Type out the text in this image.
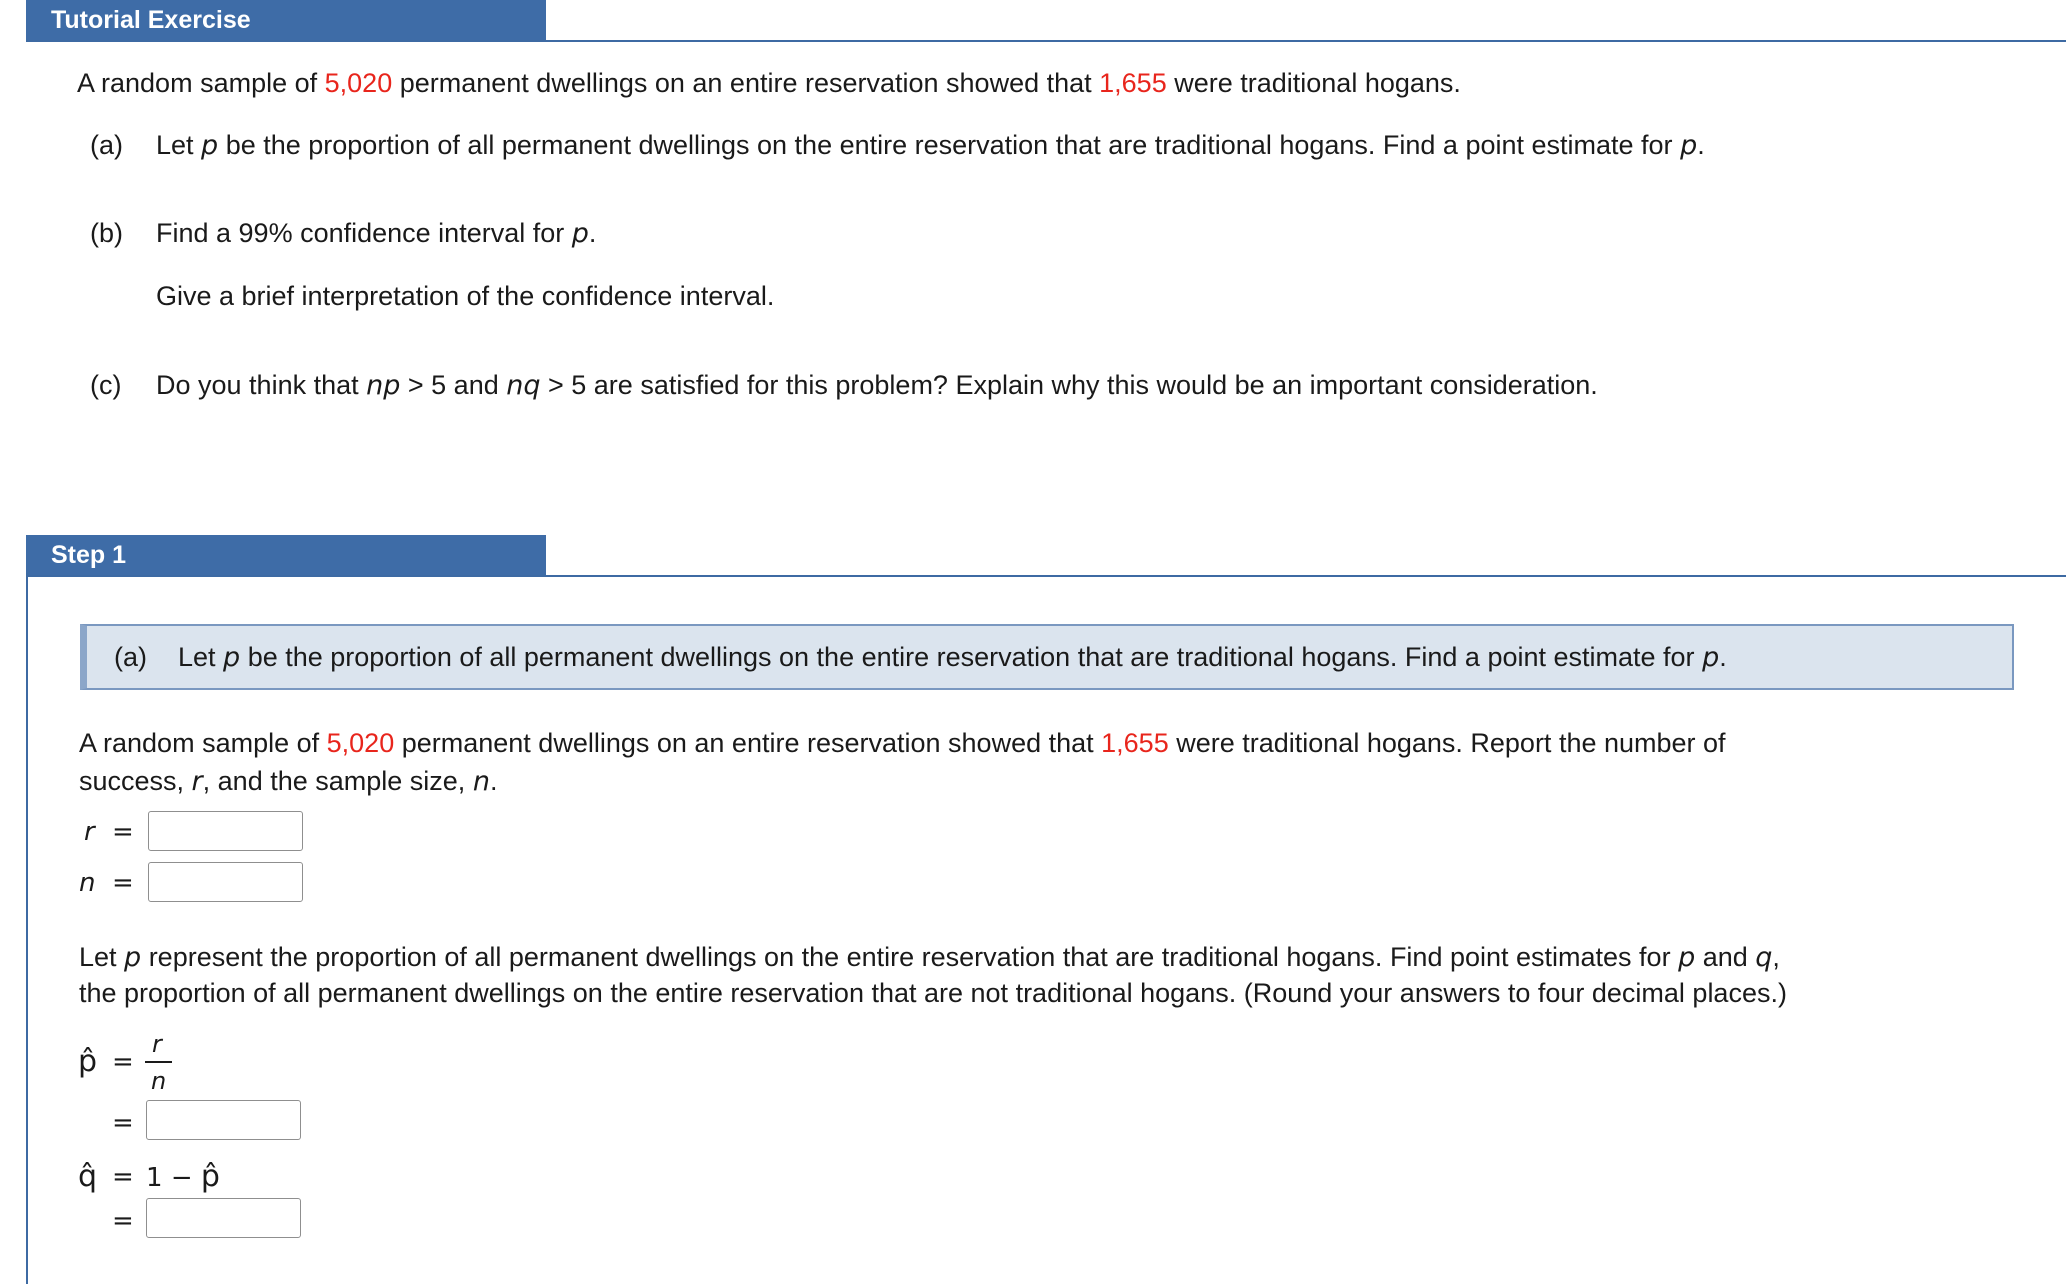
Tutorial Exercise
A random sample of 5,020 permanent dwellings on an entire reservation showed that 1,655 were traditional hogans.
(a) Let p be the proportion of all permanent dwellings on the entire reservation that are traditional hogans. Find a point estimate for p.
(b) Find a 99% confidence interval for p.
Give a brief interpretation of the confidence interval.
(c) Do you think that np > 5 and nq > 5 are satisfied for this problem? Explain why this would be an important consideration.
Step 1
(a) Let p be the proportion of all permanent dwellings on the entire reservation that are traditional hogans. Find a point estimate for p.
A random sample of 5,020 permanent dwellings on an entire reservation showed that 1,655 were traditional hogans. Report the number of
success, r, and the sample size, n.
r =
n =
Let p represent the proportion of all permanent dwellings on the entire reservation that are traditional hogans. Find point estimates for p and q,
the proportion of all permanent dwellings on the entire reservation that are not traditional hogans. (Round your answers to four decimal places.)
p̂ =
r
n
=
q̂ = 1 − p̂
=
